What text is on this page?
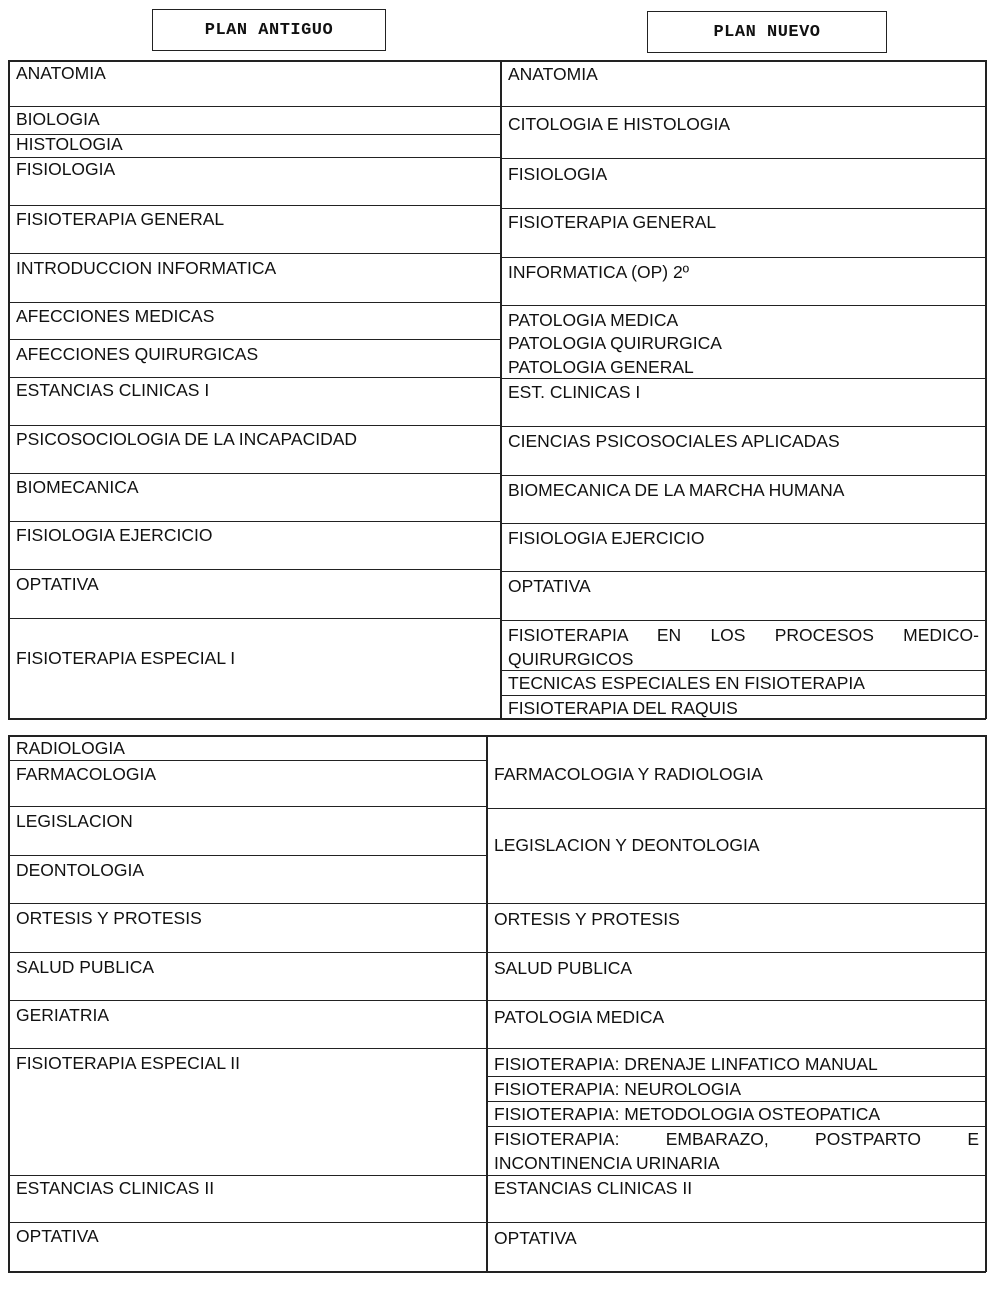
PLAN ANTIGUO	PLAN NUEVO
ANATOMIA
BIOLOGIA
HISTOLOGIA
FISIOLOGIA
FISIOTERAPIA GENERAL
INTRODUCCION INFORMATICA
AFECCIONES MEDICAS
AFECCIONES QUIRURGICAS
ESTANCIAS CLINICAS I
PSICOSOCIOLOGIA DE LA INCAPACIDAD
BIOMECANICA
FISIOLOGIA EJERCICIO
OPTATIVA
FISIOTERAPIA ESPECIAL I
ANATOMIA
CITOLOGIA E HISTOLOGIA
FISIOLOGIA
FISIOTERAPIA GENERAL
INFORMATICA (OP) 2º
PATOLOGIA MEDICA
PATOLOGIA QUIRURGICA
PATOLOGIA GENERAL
EST. CLINICAS I
CIENCIAS PSICOSOCIALES APLICADAS
BIOMECANICA DE LA MARCHA HUMANA
FISIOLOGIA EJERCICIO
OPTATIVA
FISIOTERAPIA EN LOS PROCESOS MEDICO-QUIRURGICOS
TECNICAS ESPECIALES EN FISIOTERAPIA
FISIOTERAPIA DEL RAQUIS
RADIOLOGIA
FARMACOLOGIA
LEGISLACION
DEONTOLOGIA
ORTESIS Y PROTESIS
SALUD PUBLICA
GERIATRIA
FISIOTERAPIA ESPECIAL II
ESTANCIAS CLINICAS II
OPTATIVA
FARMACOLOGIA Y RADIOLOGIA
LEGISLACION Y DEONTOLOGIA
ORTESIS Y PROTESIS
SALUD PUBLICA
PATOLOGIA MEDICA
FISIOTERAPIA: DRENAJE LINFATICO MANUAL
FISIOTERAPIA: NEUROLOGIA
FISIOTERAPIA: METODOLOGIA OSTEOPATICA
FISIOTERAPIA: EMBARAZO, POSTPARTO E INCONTINENCIA URINARIA
ESTANCIAS CLINICAS II
OPTATIVA
